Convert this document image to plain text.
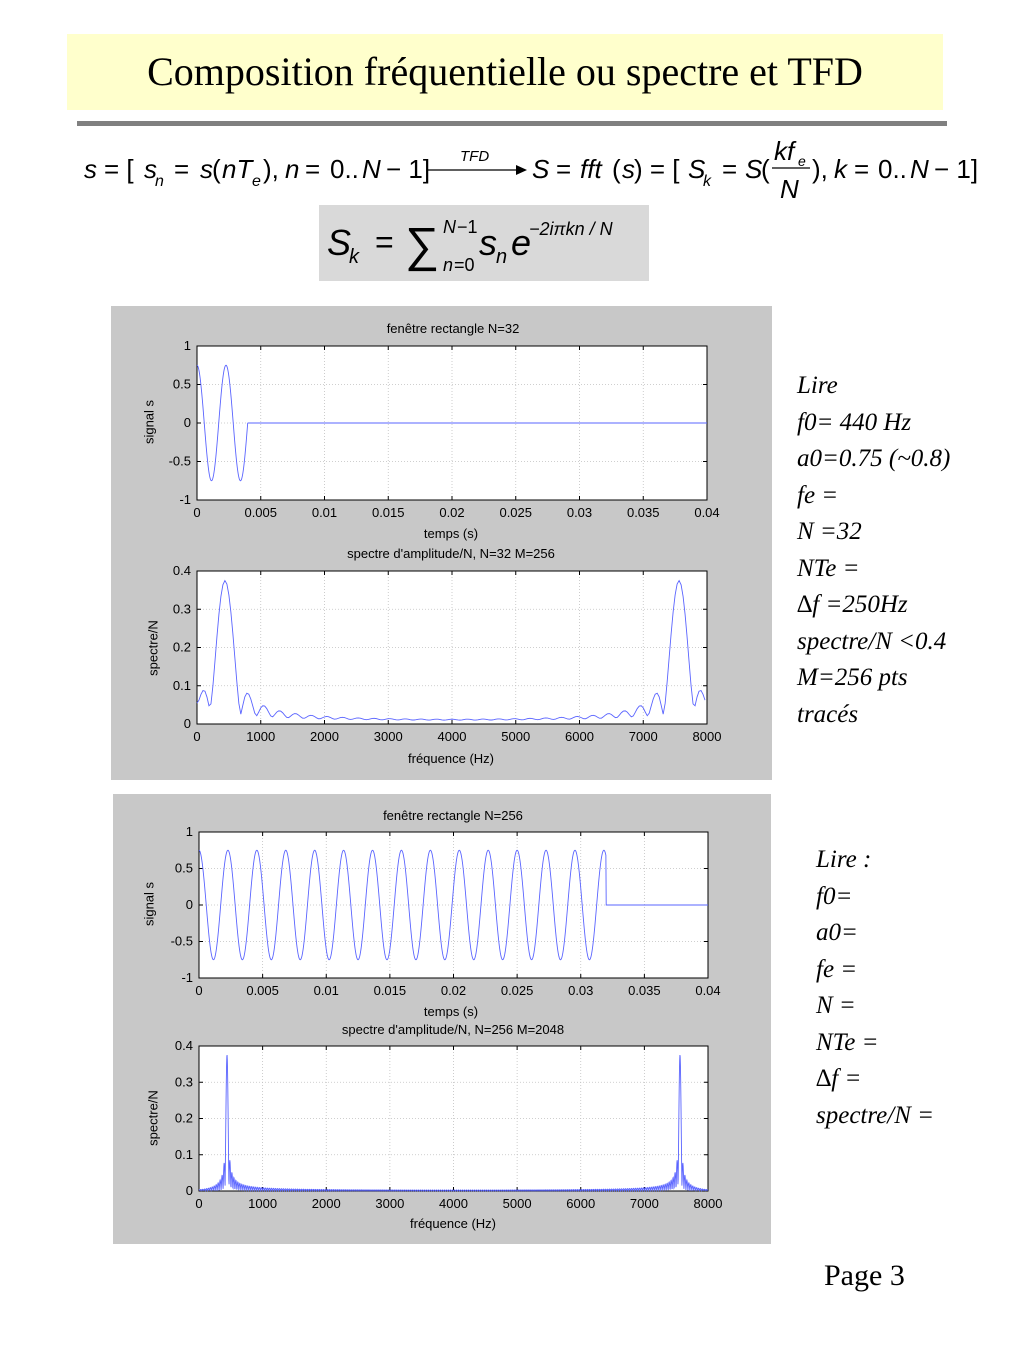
Composition fréquentielle ou spectre et TFD
s = [ s
n = s ( nT e ), n = 0.. N − 1] TFD S = fft ( s ) = [ S
k = S
(
kf e
N
), k = 0.. N − 1]
S
k = ∑ N −1
n =0
s n e
−2iπkn / N
fenêtre rectangle N=32
0	0.005	0.01	0.015	0.02	0.025	0.03	0.035	0.04
-1
-0.5
0
0.5
1
0	1000	2000	3000	4000	5000	6000	7000	8000
0
0.1
0.2
0.3
0.4
temps (s)
signal s
spectre d'amplitude/N, N=32 M=256
fréquence (Hz)
spectre/N
fenêtre rectangle N=256
0	0.005	0.01	0.015	0.02	0.025	0.03	0.035	0.04
-1
-0.5
0
0.5
1
0	1000	2000	3000	4000	5000	6000	7000	8000
0
0.1
0.2
0.3
0.4
temps (s)
signal s
spectre d'amplitude/N, N=256 M=2048
fréquence (Hz)
spectre/N
Lire
f0= 440 Hz
a0=0.75 (~0.8)
fe =
N =32
NTe =
∆f =250Hz
spectre/N <0.4
M=256 pts
tracés
Lire :
f0=
a0=
fe =
N =
NTe =
∆f =
spectre/N =
Page 3
